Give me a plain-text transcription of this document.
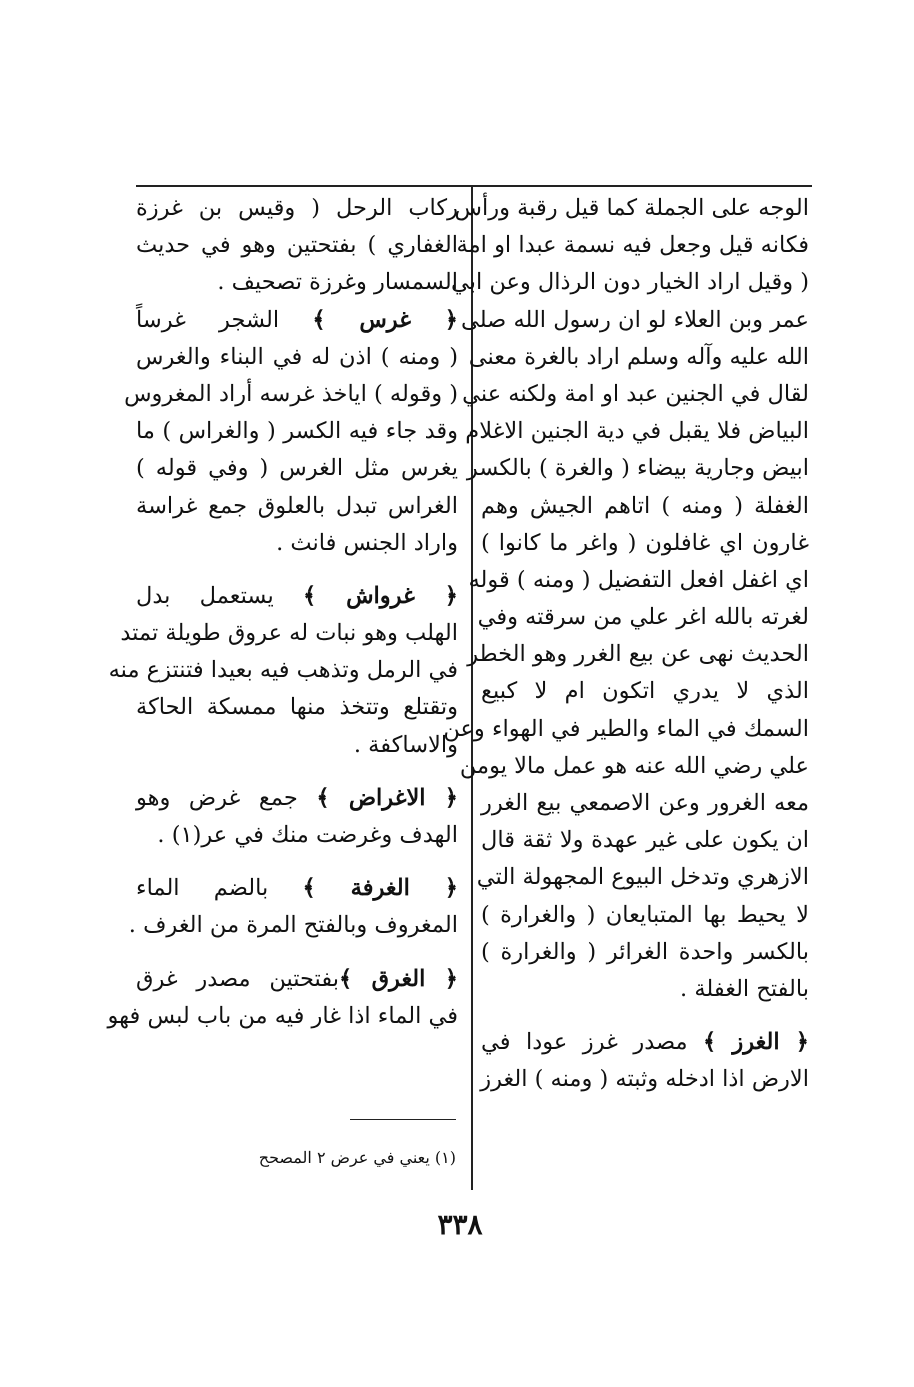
الوجه على الجملة كما قيل رقبة ورأس
فكانه قيل وجعل فيه نسمة عبدا او امة
( وقيل اراد الخيار دون الرذال وعن ابي
عمر وبن العلاء لو ان رسول الله صلى
الله عليه وآله وسلم اراد بالغرة معنى
لقال في الجنين عبد او امة ولكنه عني
البياض فلا يقبل في دية الجنين الاغلام
ابيض وجارية بيضاء ( والغرة ) بالكسر
الغفلة ( ومنه ) اتاهم الجيش وهم
غارون اي غافلون ( واغر ما كانوا )
اي اغفل افعل التفضيل ( ومنه ) قوله
لغرته بالله اغر علي من سرقته وفي
الحديث نهى عن بيع الغرر وهو الخطر
الذي لا يدري اتكون ام لا كبيع
السمك في الماء والطير في الهواء وعن
علي رضي الله عنه هو عمل مالا يومن
معه الغرور وعن الاصمعي بيع الغرر
ان يكون على غير عهدة ولا ثقة قال
الازهري وتدخل البيوع المجهولة التي
لا يحيط بها المتبايعان ( والغرارة )
بالكسر واحدة الغرائر ( والغرارة )
بالفتح الغفلة .
﴿ الغرز ﴾ مصدر غرز عودا في
الارض اذا ادخله وثبته ( ومنه ) الغرز
ركاب الرحل ( وقيس بن غرزة
الغفاري ) بفتحتين وهو في حديث
السمسار وغرزة تصحيف .
﴿ غرس ﴾ الشجر غرساً
( ومنه ) اذن له في البناء والغرس
( وقوله ) اياخذ غرسه أراد المغروس
وقد جاء فيه الكسر ( والغراس ) ما
يغرس مثل الغرس ( وفي قوله )
الغراس تبدل بالعلوق جمع غراسة
واراد الجنس فانث .
﴿ غرواش ﴾ يستعمل بدل
الهلب وهو نبات له عروق طويلة تمتد
في الرمل وتذهب فيه بعيدا فتنتزع منه
وتقتلع وتتخذ منها ممسكة الحاكة
والاساكفة .
﴿ الاغراض ﴾ جمع غرض وهو
الهدف وغرضت منك في عر(١) .
﴿ الغرفة ﴾ بالضم الماء
المغروف وبالفتح المرة من الغرف .
﴿ الغرق ﴾بفتحتين مصدر غرق
في الماء اذا غار فيه من باب لبس فهو
(١) يعني في عرض ٢ المصحح
٣٣٨
